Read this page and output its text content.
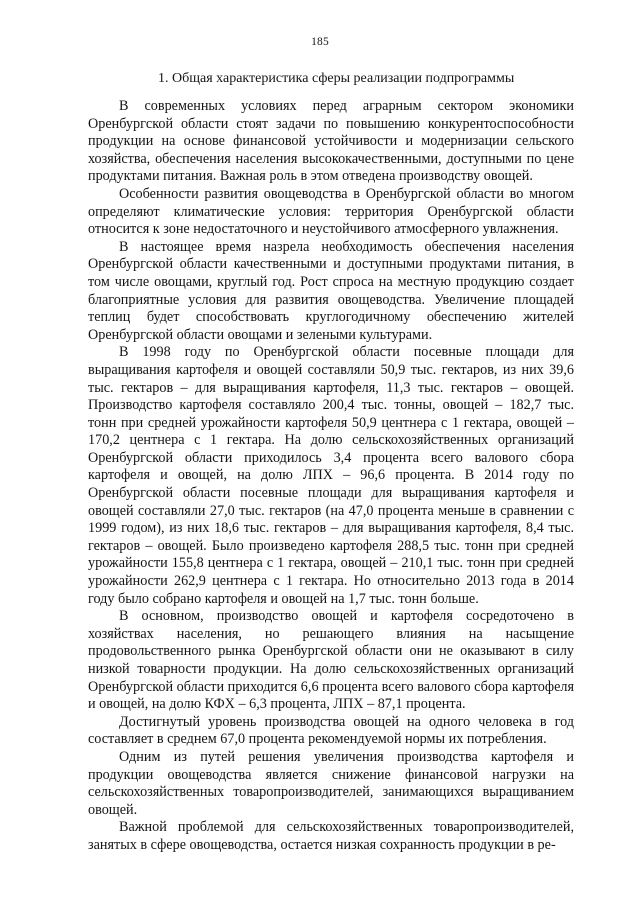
185
1. Общая характеристика сферы реализации подпрограммы

В современных условиях перед аграрным сектором экономики Оренбургской области стоят задачи по повышению конкурентоспособности продукции на основе финансовой устойчивости и модернизации сельского хозяйства, обеспечения населения высококачественными, доступными по цене продуктами питания. Важная роль в этом отведена производству овощей.

Особенности развития овощеводства в Оренбургской области во многом определяют климатические условия: территория Оренбургской области относится к зоне недостаточного и неустойчивого атмосферного увлажнения.

В настоящее время назрела необходимость обеспечения населения Оренбургской области качественными и доступными продуктами питания, в том числе овощами, круглый год. Рост спроса на местную продукцию создает благоприятные условия для развития овощеводства. Увеличение площадей теплиц будет способствовать круглогодичному обеспечению жителей Оренбургской области овощами и зелеными культурами.

В 1998 году по Оренбургской области посевные площади для выращивания картофеля и овощей составляли 50,9 тыс. гектаров, из них 39,6 тыс. гектаров – для выращивания картофеля, 11,3 тыс. гектаров – овощей. Производство картофеля составляло 200,4 тыс. тонны, овощей – 182,7 тыс. тонн при средней урожайности картофеля 50,9 центнера с 1 гектара, овощей – 170,2 центнера с 1 гектара. На долю сельскохозяйственных организаций Оренбургской области приходилось 3,4 процента всего валового сбора картофеля и овощей, на долю ЛПХ – 96,6 процента. В 2014 году по Оренбургской области посевные площади для выращивания картофеля и овощей составляли 27,0 тыс. гектаров (на 47,0 процента меньше в сравнении с 1999 годом), из них 18,6 тыс. гектаров – для выращивания картофеля, 8,4 тыс. гектаров – овощей. Было произведено картофеля 288,5 тыс. тонн при средней урожайности 155,8 центнера с 1 гектара, овощей – 210,1 тыс. тонн при средней урожайности 262,9 центнера с 1 гектара. Но относительно 2013 года в 2014 году было собрано картофеля и овощей на 1,7 тыс. тонн больше.

В основном, производство овощей и картофеля сосредоточено в хозяйствах населения, но решающего влияния на насыщение продовольственного рынка Оренбургской области они не оказывают в силу низкой товарности продукции. На долю сельскохозяйственных организаций Оренбургской области приходится 6,6 процента всего валового сбора картофеля и овощей, на долю КФХ – 6,3 процента, ЛПХ – 87,1 процента.

Достигнутый уровень производства овощей на одного человека в год составляет в среднем 67,0 процента рекомендуемой нормы их потребления.

Одним из путей решения увеличения производства картофеля и продукции овощеводства является снижение финансовой нагрузки на сельскохозяйственных товаропроизводителей, занимающихся выращиванием овощей.

Важной проблемой для сельскохозяйственных товаропроизводителей, занятых в сфере овощеводства, остается низкая сохранность продукции в ре-
